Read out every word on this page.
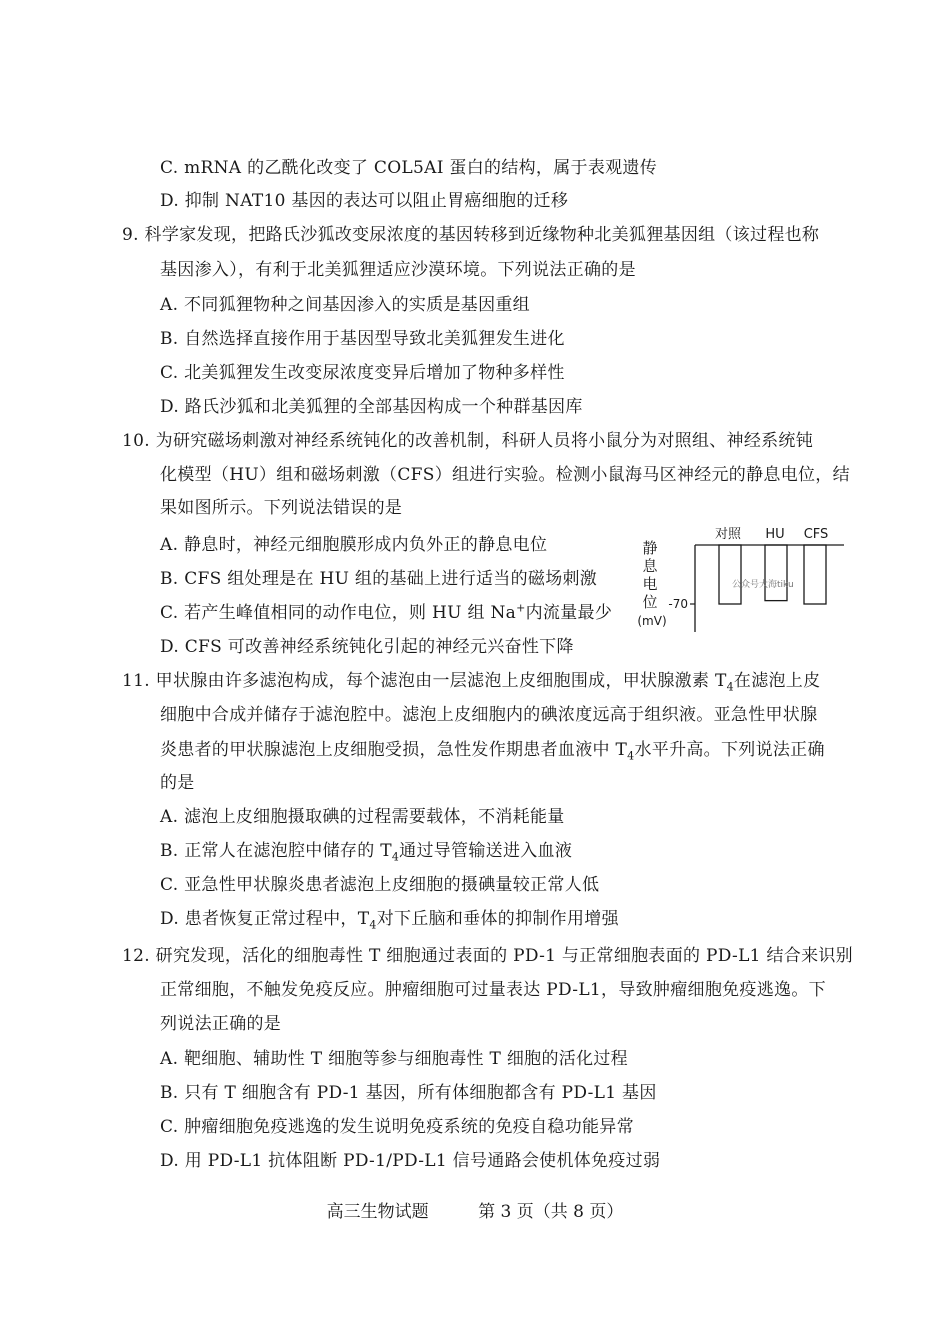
C. mRNA 的乙酰化改变了 COL5AI 蛋白的结构，属于表观遗传
D. 抑制 NAT10 基因的表达可以阻止胃癌细胞的迁移
9. 科学家发现，把路氏沙狐改变尿浓度的基因转移到近缘物种北美狐狸基因组（该过程也称
基因渗入），有利于北美狐狸适应沙漠环境。下列说法正确的是
A. 不同狐狸物种之间基因渗入的实质是基因重组
B. 自然选择直接作用于基因型导致北美狐狸发生进化
C. 北美狐狸发生改变尿浓度变异后增加了物种多样性
D. 路氏沙狐和北美狐狸的全部基因构成一个种群基因库
10. 为研究磁场刺激对神经系统钝化的改善机制，科研人员将小鼠分为对照组、神经系统钝
化模型（HU）组和磁场刺激（CFS）组进行实验。检测小鼠海马区神经元的静息电位，结
果如图所示。下列说法错误的是
A. 静息时，神经元细胞膜形成内负外正的静息电位
B. CFS 组处理是在 HU 组的基础上进行适当的磁场刺激
C. 若产生峰值相同的动作电位，则 HU 组 Na+内流量最少
D. CFS 可改善神经系统钝化引起的神经元兴奋性下降
静
息
电
位
(mV)
-70
对照 HU CFS
公众号大海tiku
11. 甲状腺由许多滤泡构成，每个滤泡由一层滤泡上皮细胞围成，甲状腺激素 $T_4$在滤泡上皮
细胞中合成并储存于滤泡腔中。滤泡上皮细胞内的碘浓度远高于组织液。亚急性甲状腺
炎患者的甲状腺滤泡上皮细胞受损，急性发作期患者血液中 $T_4$水平升高。下列说法正确
的是
A. 滤泡上皮细胞摄取碘的过程需要载体，不消耗能量
B. 正常人在滤泡腔中储存的 $T_4$通过导管输送进入血液
C. 亚急性甲状腺炎患者滤泡上皮细胞的摄碘量较正常人低
D. 患者恢复正常过程中，$T_4$对下丘脑和垂体的抑制作用增强
12. 研究发现，活化的细胞毒性 T 细胞通过表面的 PD-1 与正常细胞表面的 PD-L1 结合来识别
正常细胞，不触发免疫反应。肿瘤细胞可过量表达 PD-L1，导致肿瘤细胞免疫逃逸。下
列说法正确的是
A. 靶细胞、辅助性 T 细胞等参与细胞毒性 T 细胞的活化过程
B. 只有 T 细胞含有 PD-1 基因，所有体细胞都含有 PD-L1 基因
C. 肿瘤细胞免疫逃逸的发生说明免疫系统的免疫自稳功能异常
D. 用 PD-L1 抗体阻断 PD-1/PD-L1 信号通路会使机体免疫过弱
高三生物试题	第 3 页（共 8 页）
